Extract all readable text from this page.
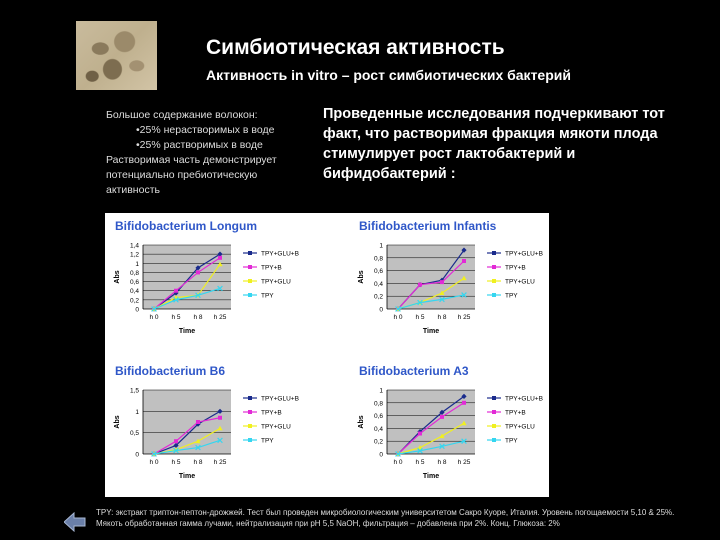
Симбиотическая активность
Активность in vitro – рост симбиотических бактерий
Большое содержание волокон:
•25% нерастворимых в воде
•25% растворимых в воде
Растворимая часть демонстрирует
потенциально пребиотическую
активность
Проведенные исследования подчеркивают тот факт, что растворимая фракция мякоти плода стимулирует рост лактобактерий и бифидобактерий :
Bifidobacterium Longum
0
0,2
0,4
0,6
0,8
1
1,2
1,4
h 0 h 5 h 8 h 25
Time
Abs
TPY+GLU+B
TPY+B
TPY+GLU
TPY
Bifidobacterium Infantis
0
0,2
0,4
0,6
0,8
1
h 0 h 5 h 8 h 25
Time
Abs
TPY+GLU+B
TPY+B
TPY+GLU
TPY
Bifidobacterium B6
0
0,5
1
1,5
h 0 h 5 h 8 h 25
Time
Abs
TPY+GLU+B
TPY+B
TPY+GLU
TPY
Bifidobacterium A3
0
0,2
0,4
0,6
0,8
1
h 0 h 5 h 8 h 25
Time
Abs
TPY+GLU+B
TPY+B
TPY+GLU
TPY
TPY: экстракт триптон-пептон-дрожжей. Тест был проведен микробиологическим университетом Сакро Куоре, Италия. Уровень погощаемости 5,10 & 25%. Мякоть обработанная гамма лучами, нейтрализация при pH 5,5 NaOH, фильтрация – добавлена при 2%. Конц. Глюкоза: 2%
